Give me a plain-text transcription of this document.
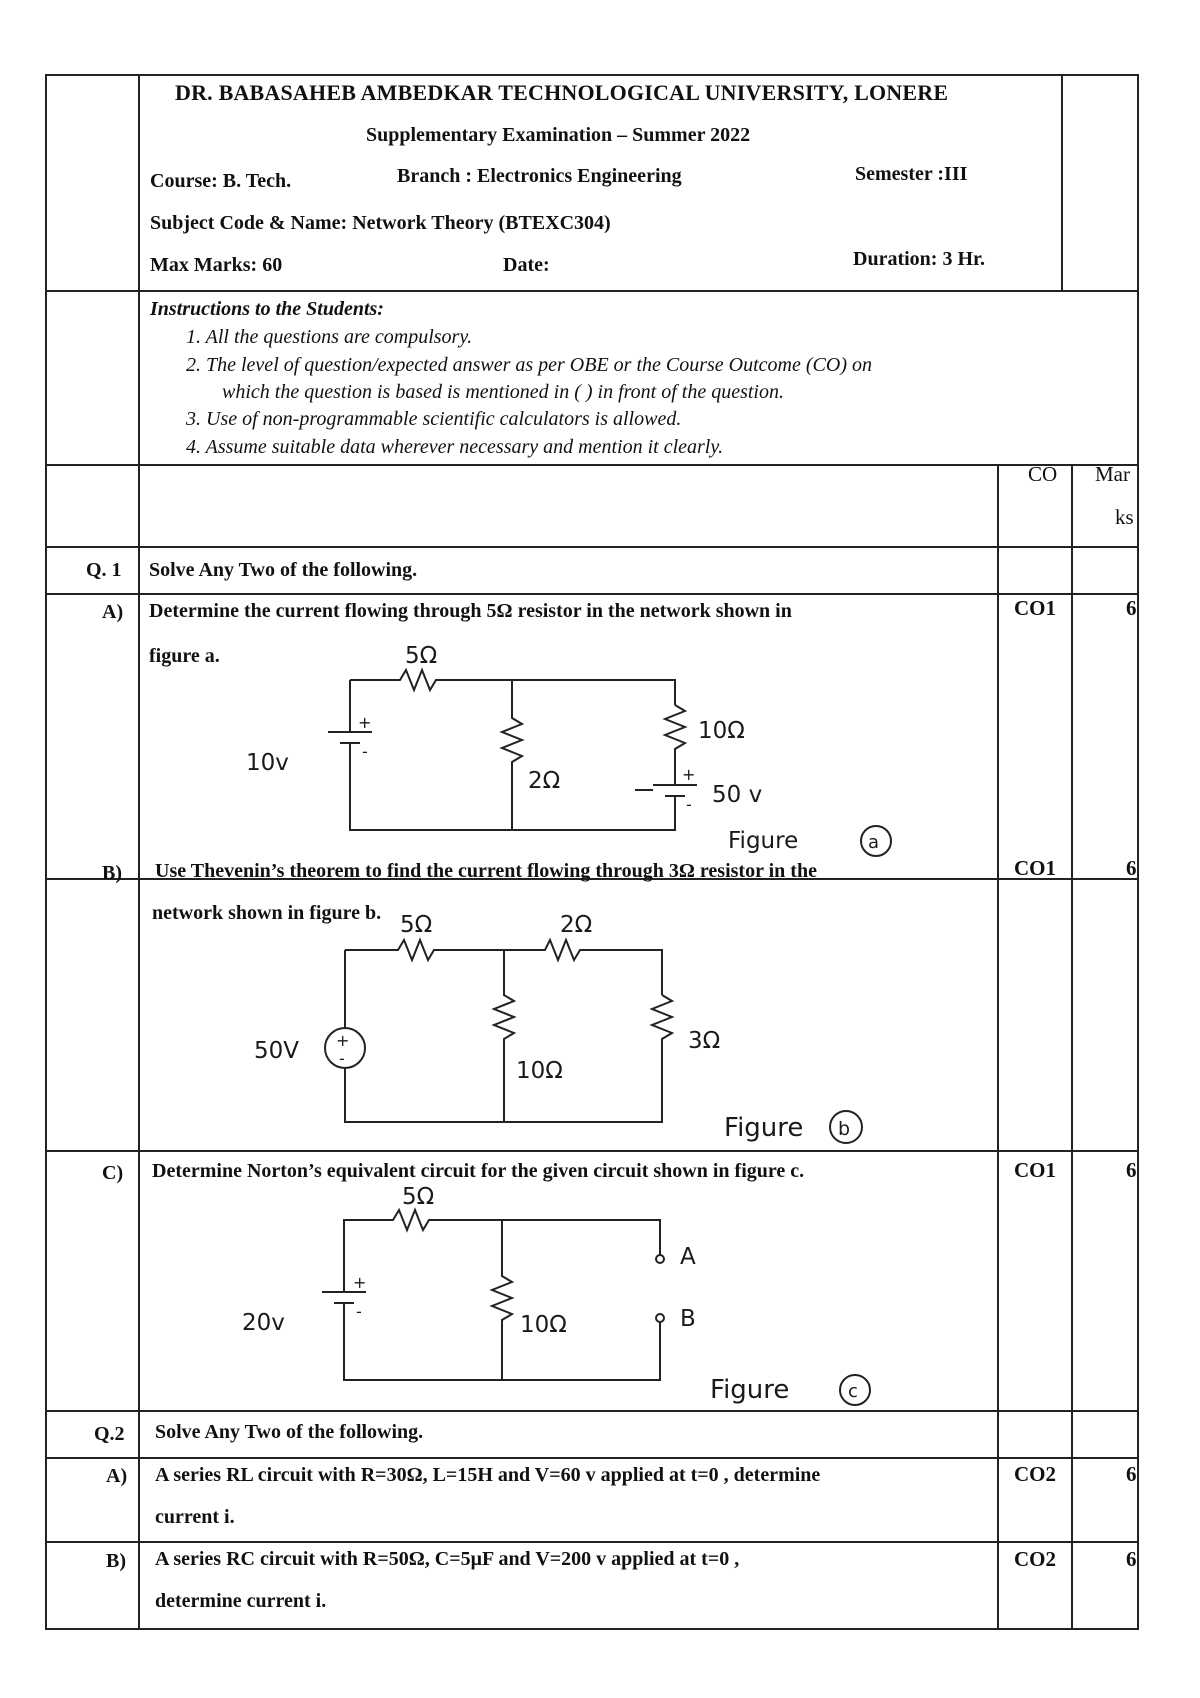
DR. BABASAHEB AMBEDKAR TECHNOLOGICAL UNIVERSITY, LONERE
Supplementary Examination – Summer 2022
Course: B. Tech.	Branch : Electronics Engineering	Semester :III
Subject Code & Name: Network Theory (BTEXC304)
Max Marks: 60	Date:	Duration: 3 Hr.
Instructions to the Students:
1. All the questions are compulsory.
2. The level of question/expected answer as per OBE or the Course Outcome (CO) on
which the question is based is mentioned in ( ) in front of the question.
3. Use of non-programmable scientific calculators is allowed.
4. Assume suitable data wherever necessary and mention it clearly.
CO Mar
ks
Q. 1 Solve Any Two of the following.
A) Determine the current flowing through 5Ω resistor in the network shown in
figure a.
CO1	6
5Ω
10v
+
-
2Ω
10Ω
+
- 50 v
Figure	a
B) Use Thevenin’s theorem to find the current flowing through 3Ω resistor in the
network shown in figure b.
CO1	6
+
-
5Ω	2Ω
50V
10Ω
3Ω
Figure b
C) Determine Norton’s equivalent circuit for the given circuit shown in figure c.	CO1	6
5Ω
+
-
20v	10Ω
A
B
Figure	c
Q.2 Solve Any Two of the following.
A) A series RL circuit with R=30Ω, L=15H and V=60 v applied at t=0 , determine
current i.
CO2	6
B) A series RC circuit with R=50Ω, C=5μF and V=200 v applied at t=0 ,
determine current i.
CO2	6
